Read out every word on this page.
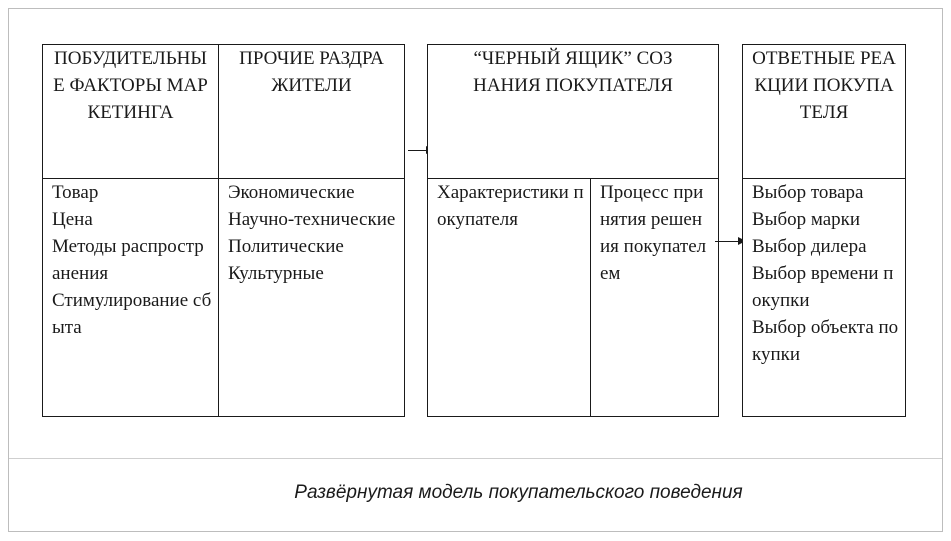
ПОБУДИТЕЛЬНЫЕ ФАКТОРЫ МАРКЕТИНГА
ПРОЧИЕ РАЗДРАЖИТЕЛИ
Товар
Цена
Методы распространения
Стимулирование сбыта
Экономические
Научно-технические
Политические
Культурные
“ЧЕРНЫЙ ЯЩИК” СОЗНАНИЯ ПОКУПАТЕЛЯ
Характеристики покупателя
Процесс принятия решения покупателем
ОТВЕТНЫЕ РЕАКЦИИ ПОКУПАТЕЛЯ
Выбор товара
Выбор марки
Выбор дилера
Выбор времени покупки
Выбор объекта покупки
Развёрнутая модель покупательского поведения
